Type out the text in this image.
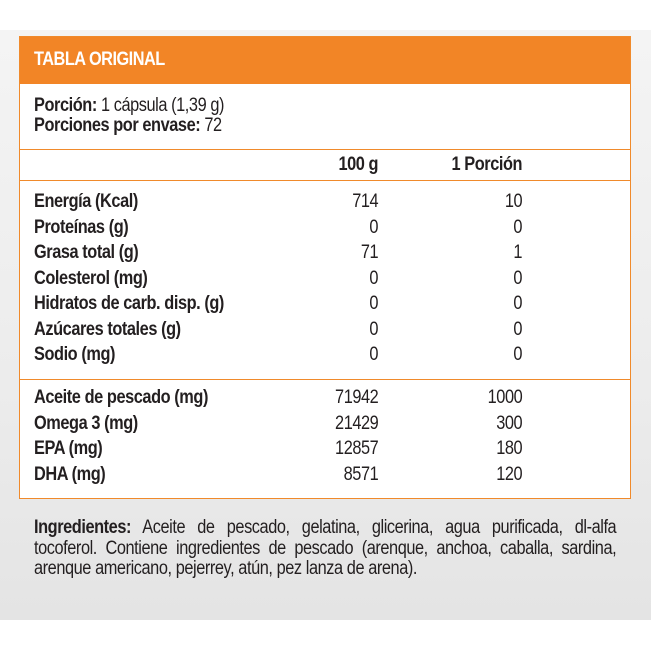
TABLA ORIGINAL
Porción: 1 cápsula (1,39 g)
Porciones por envase: 72
100 g	1 Porción
Energía (Kcal)	714	10
Proteínas (g)	0	0
Grasa total (g)	71	1
Colesterol (mg)	0	0
Hidratos de carb. disp. (g)	0	0
Azúcares totales (g)	0	0
Sodio (mg)	0	0
Aceite de pescado (mg)	71942	1000
Omega 3 (mg)	21429	300
EPA (mg)	12857	180
DHA (mg)	8571	120
Ingredientes: Aceite de pescado, gelatina, glicerina, agua purificada, dl-alfa tocoferol. Contiene ingredientes de pescado (arenque, anchoa, caballa, sardina, arenque americano, pejerrey, atún, pez lanza de arena).
